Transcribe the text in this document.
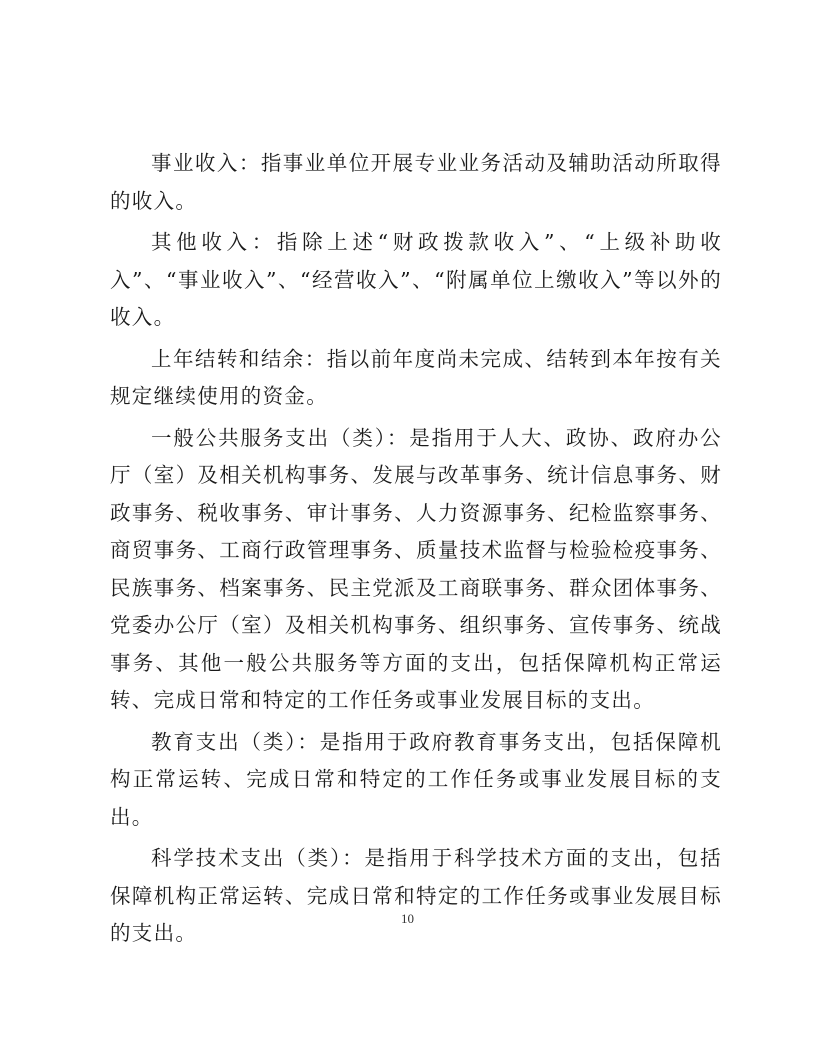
事业收入：指事业单位开展专业业务活动及辅助活动所取得的收入。

其他收入：指除上述“财政拨款收入”、“上级补助收入”、“事业收入”、“经营收入”、“附属单位上缴收入”等以外的收入。

上年结转和结余：指以前年度尚未完成、结转到本年按有关规定继续使用的资金。

一般公共服务支出（类）：是指用于人大、政协、政府办公厅（室）及相关机构事务、发展与改革事务、统计信息事务、财政事务、税收事务、审计事务、人力资源事务、纪检监察事务、商贸事务、工商行政管理事务、质量技术监督与检验检疫事务、民族事务、档案事务、民主党派及工商联事务、群众团体事务、党委办公厅（室）及相关机构事务、组织事务、宣传事务、统战事务、其他一般公共服务等方面的支出，包括保障机构正常运转、完成日常和特定的工作任务或事业发展目标的支出。

教育支出（类）：是指用于政府教育事务支出，包括保障机构正常运转、完成日常和特定的工作任务或事业发展目标的支出。

科学技术支出（类）：是指用于科学技术方面的支出，包括保障机构正常运转、完成日常和特定的工作任务或事业发展目标的支出。

10
